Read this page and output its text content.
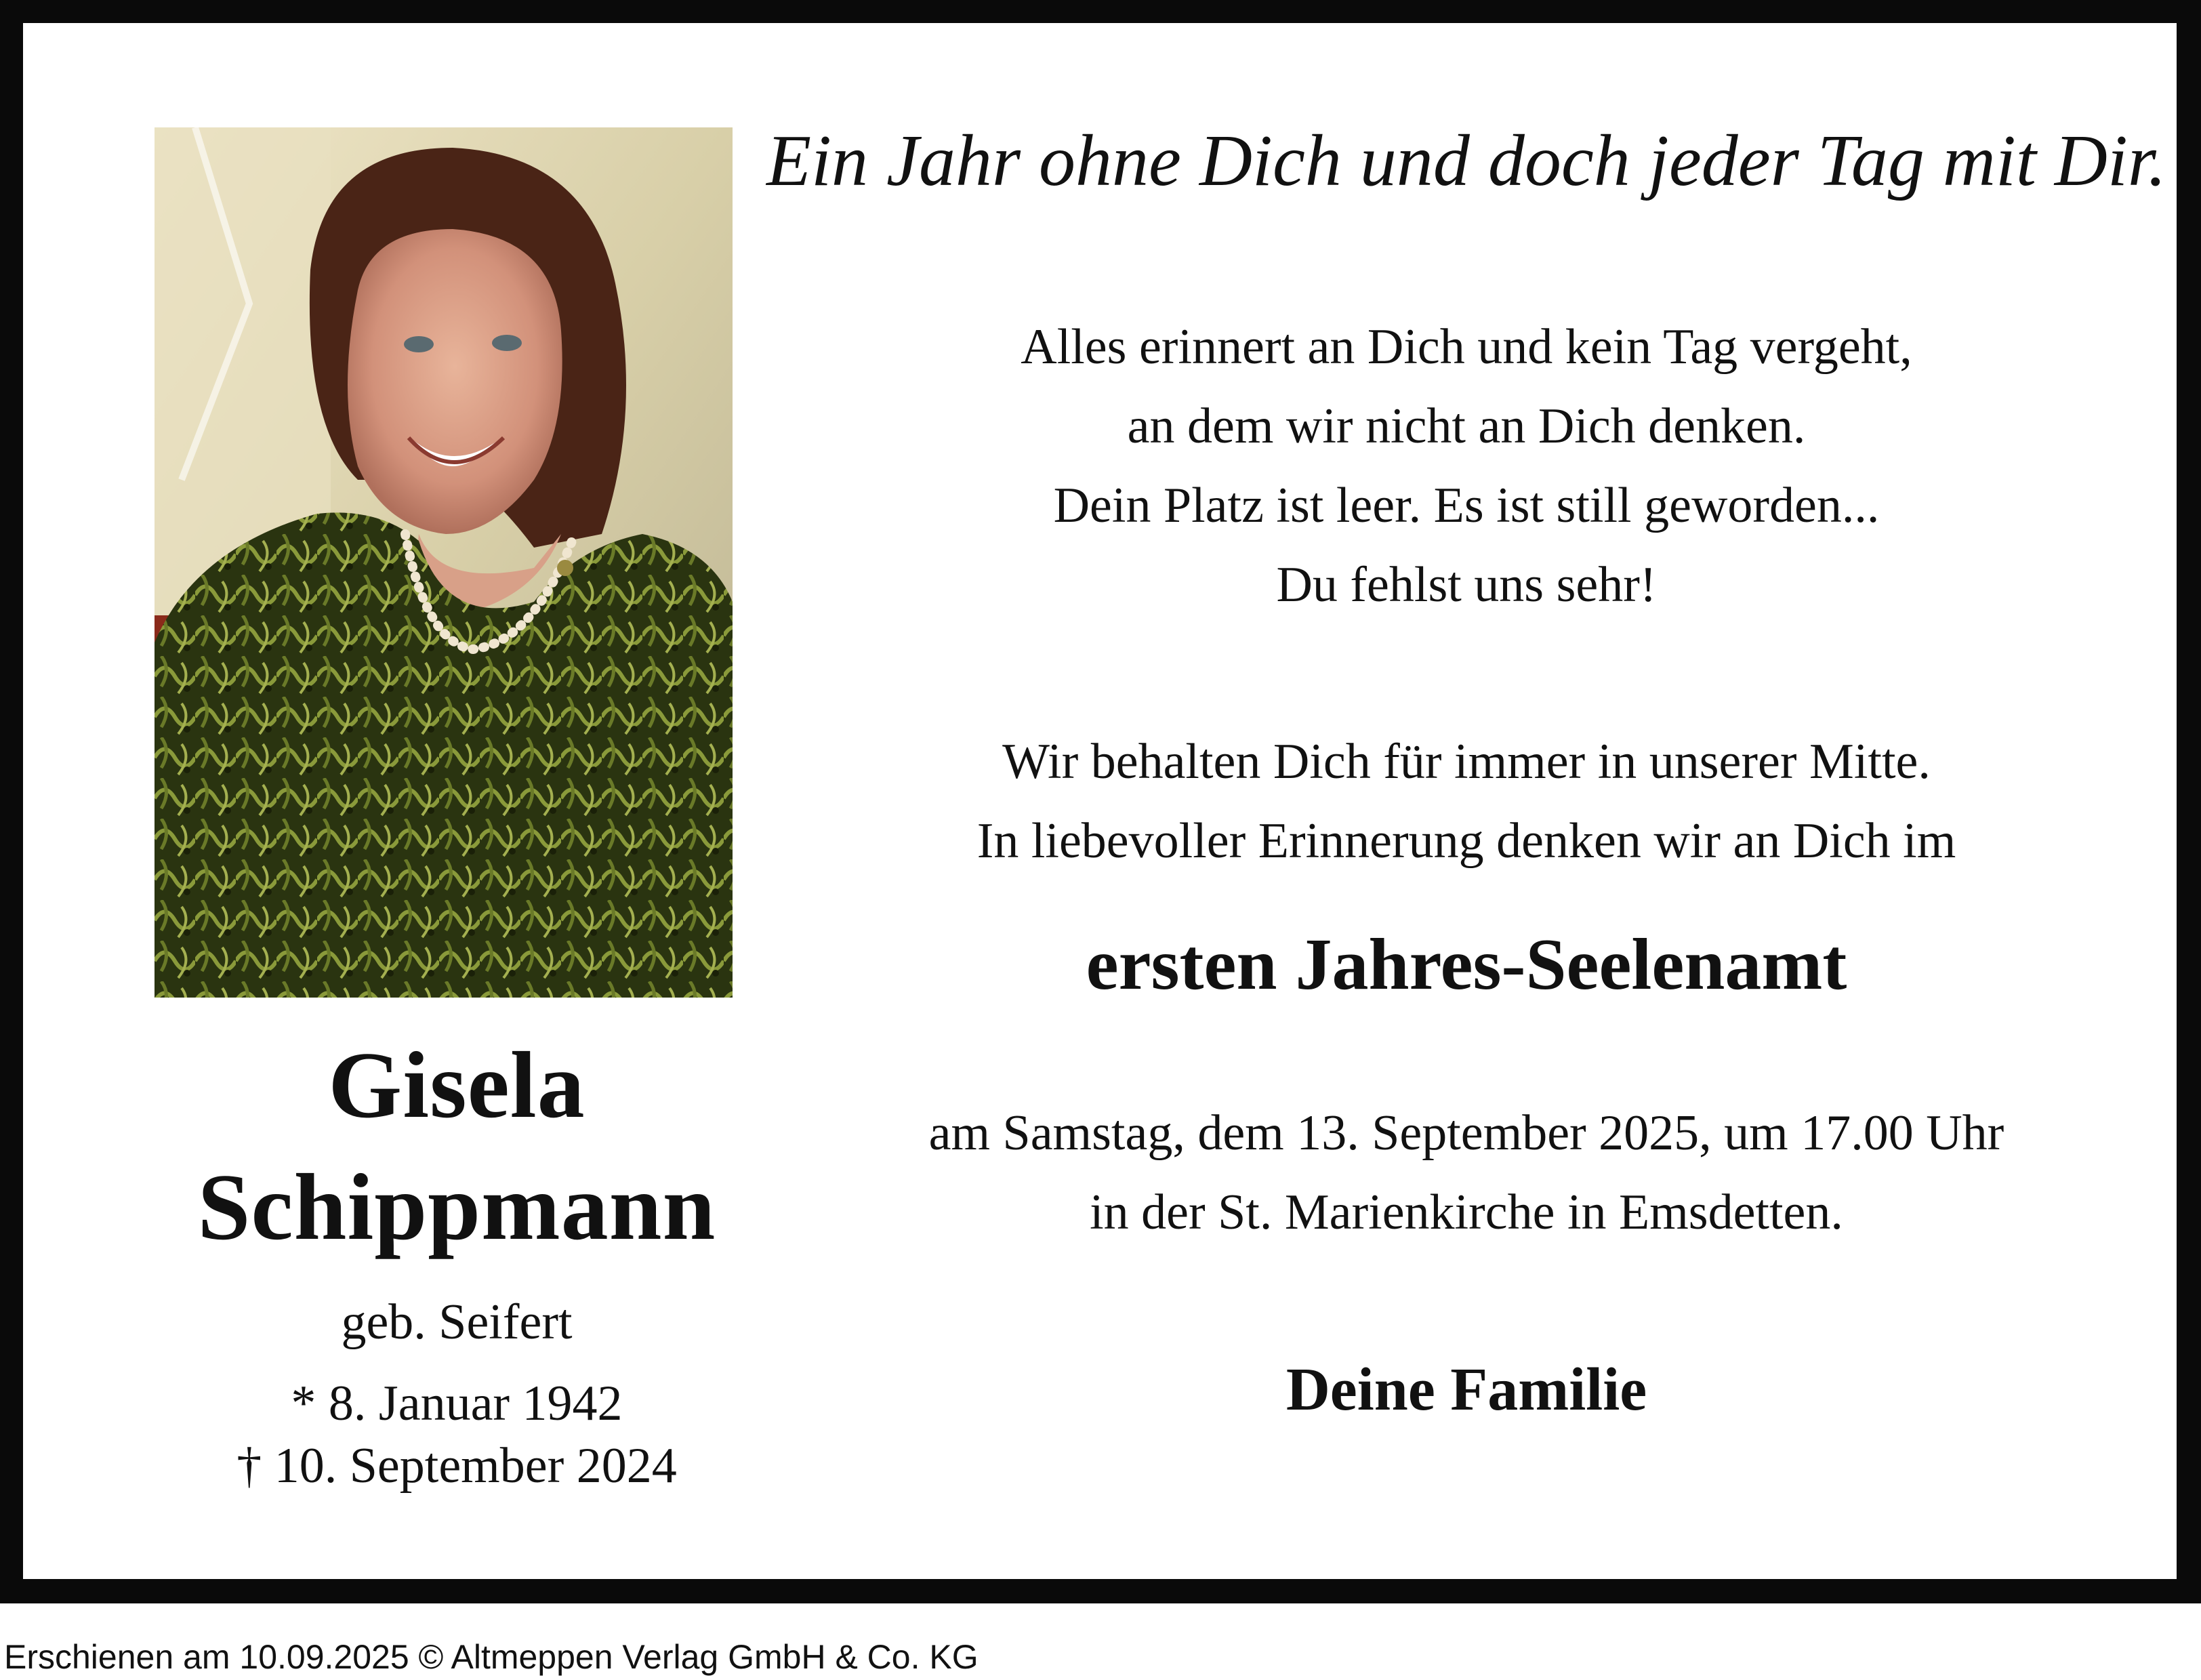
Gisela
Schippmann
geb. Seifert
* 8. Januar 1942
† 10. September 2024
Ein Jahr ohne Dich und doch jeder Tag mit Dir.
Alles erinnert an Dich und kein Tag vergeht,
an dem wir nicht an Dich denken.
Dein Platz ist leer. Es ist still geworden...
Du fehlst uns sehr!
Wir behalten Dich für immer in unserer Mitte.
In liebevoller Erinnerung denken wir an Dich im
ersten Jahres-Seelenamt
am Samstag, dem 13. September 2025, um 17.00 Uhr
in der St. Marienkirche in Emsdetten.
Deine Familie
Erschienen am 10.09.2025 © Altmeppen Verlag GmbH & Co. KG
